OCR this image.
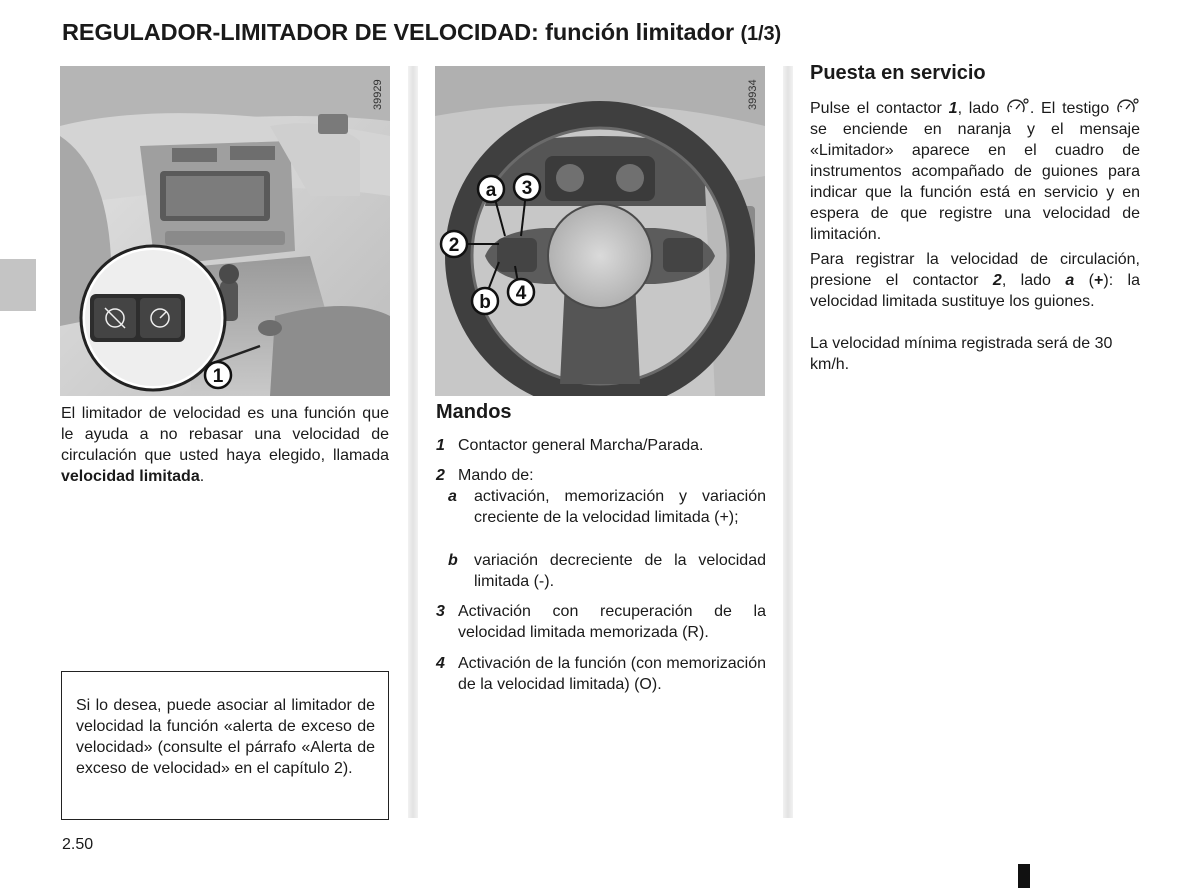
REGULADOR-LIMITADOR DE VELOCIDAD: función limitador (1/3)
1
39929
a 3
2
b 4
39934

El limitador de velocidad es una función que le ayuda a no rebasar una velocidad de circulación que usted haya elegido, llamada velocidad limitada.

Si lo desea, puede asociar al limitador de velocidad la función «alerta de exceso de velocidad» (consulte el párrafo «Alerta de exceso de velocidad» en el capítulo 2).

Mandos
1 Contactor general Marcha/Parada.
2 Mando de:
a activación, memorización y variación creciente de la velocidad limitada (+);
b variación decreciente de la velocidad limitada (-).
3 Activación con recuperación de la velocidad limitada memorizada (R).
4 Activación de la función (con memorización de la velocidad limitada) (O).
Puesta en servicio

Pulse el contactor 1, lado . El testigo  se enciende en naranja y el mensaje «Limitador» aparece en el cuadro de instrumentos acompañado de guiones para indicar que la función está en servicio y en espera de que registre una velocidad de limitación.

Para registrar la velocidad de circulación, presione el contactor 2, lado a (+): la velocidad limitada sustituye los guiones.

La velocidad mínima registrada será de 30 km/h.

2.50
